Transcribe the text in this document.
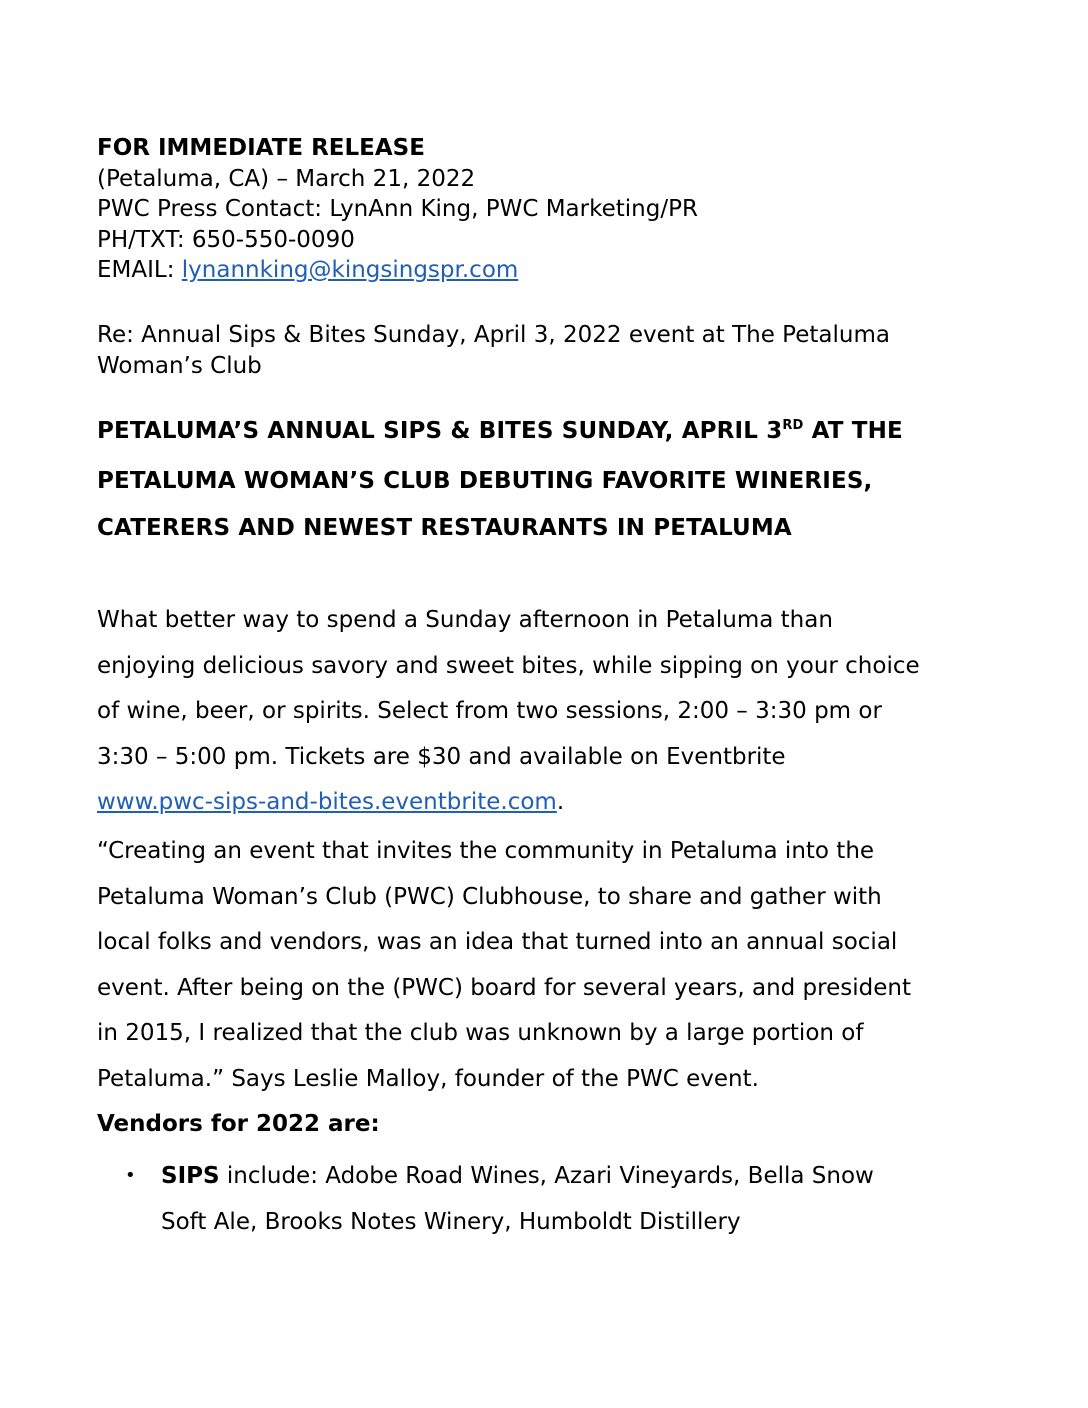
FOR IMMEDIATE RELEASE
(Petaluma, CA) – March 21, 2022
PWC Press Contact: LynAnn King, PWC Marketing/PR
PH/TXT: 650-550-0090
EMAIL: lynannking@kingsingspr.com
Re: Annual Sips & Bites Sunday, April 3, 2022 event at The Petaluma
Woman’s Club
PETALUMA’S ANNUAL SIPS & BITES SUNDAY, APRIL 3RD AT THE
PETALUMA WOMAN’S CLUB DEBUTING FAVORITE WINERIES,
CATERERS AND NEWEST RESTAURANTS IN PETALUMA
What better way to spend a Sunday afternoon in Petaluma than
enjoying delicious savory and sweet bites, while sipping on your choice
of wine, beer, or spirits. Select from two sessions, 2:00 – 3:30 pm or
3:30 – 5:00 pm. Tickets are $30 and available on Eventbrite
www.pwc-sips-and-bites.eventbrite.com.
“Creating an event that invites the community in Petaluma into the
Petaluma Woman’s Club (PWC) Clubhouse, to share and gather with
local folks and vendors, was an idea that turned into an annual social
event. After being on the (PWC) board for several years, and president
in 2015, I realized that the club was unknown by a large portion of
Petaluma.” Says Leslie Malloy, founder of the PWC event.
Vendors for 2022 are:
• SIPS include: Adobe Road Wines, Azari Vineyards, Bella Snow
Soft Ale, Brooks Notes Winery, Humboldt Distillery
